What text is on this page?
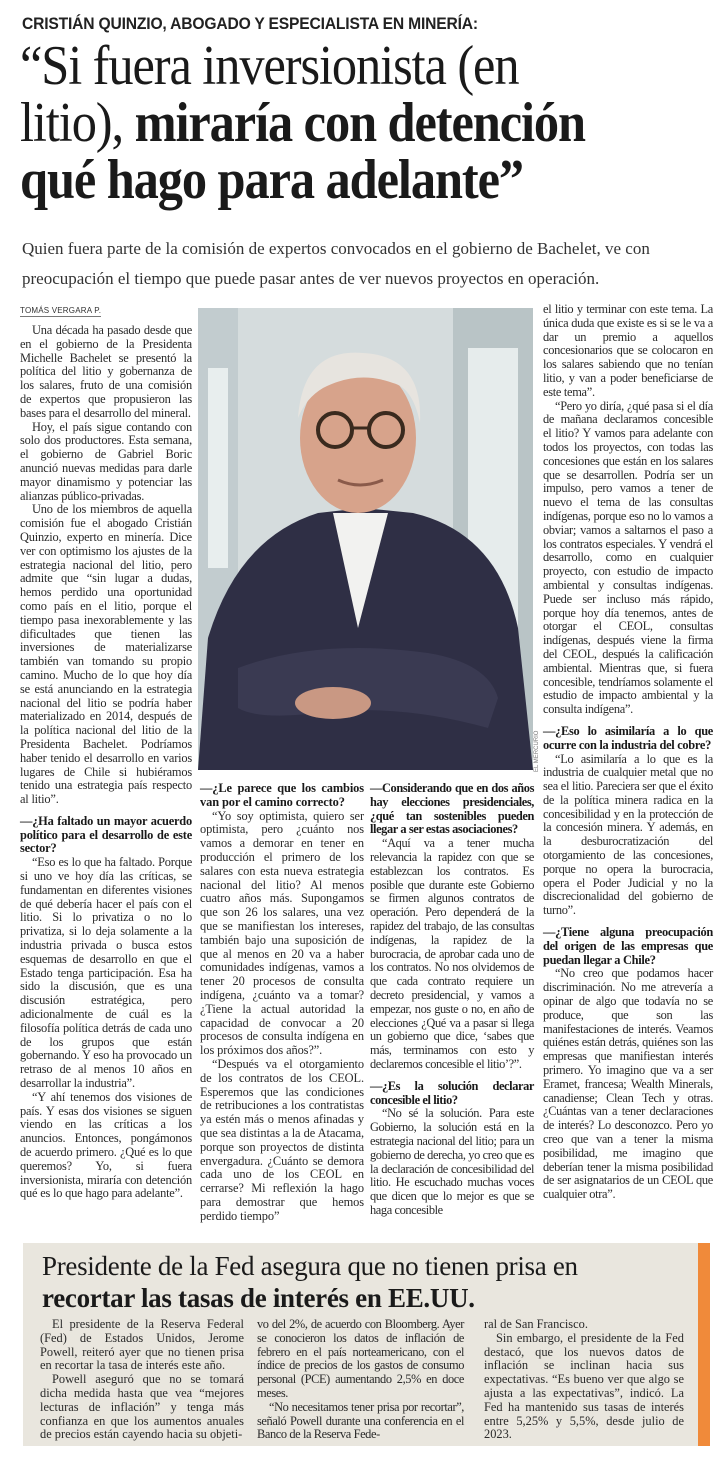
CRISTIÁN QUINZIO, ABOGADO Y ESPECIALISTA EN MINERÍA:
“Si fuera inversionista (en
litio), miraría con detención
qué hago para adelante”
Quien fuera parte de la comisión de expertos convocados en el gobierno de Bachelet, ve con preocupación el tiempo que puede pasar antes de ver nuevos proyectos en operación.
TOMÁS VERGARA P.

Una década ha pasado desde que en el gobierno de la Presidenta Michelle Bachelet se presentó la política del litio y gobernanza de los salares, fruto de una comisión de expertos que propusieron las bases para el desarrollo del mineral.

Hoy, el país sigue contando con solo dos productores. Esta semana, el gobierno de Gabriel Boric anunció nuevas medidas para darle mayor dinamismo y potenciar las alianzas público-privadas.

Uno de los miembros de aquella comisión fue el abogado Cristián Quinzio, experto en minería. Dice ver con optimismo los ajustes de la estrategia nacional del litio, pero admite que “sin lugar a dudas, hemos perdido una oportunidad como país en el litio, porque el tiempo pasa inexorablemente y las dificultades que tienen las inversiones de materializarse también van tomando su propio camino. Mucho de lo que hoy día se está anunciando en la estrategia nacional del litio se podría haber materializado en 2014, después de la política nacional del litio de la Presidenta Bachelet. Podríamos haber tenido el desarrollo en varios lugares de Chile si hubiéramos tenido una estrategia país respecto al litio”.

—¿Ha faltado un mayor acuerdo político para el desarrollo de este sector?

“Eso es lo que ha faltado. Porque si uno ve hoy día las críticas, se fundamentan en diferentes visiones de qué debería hacer el país con el litio. Si lo privatiza o no lo privatiza, si lo deja solamente a la industria privada o busca estos esquemas de desarrollo en que el Estado tenga participación. Esa ha sido la discusión, que es una discusión estratégica, pero adicionalmente de cuál es la filosofía política detrás de cada uno de los grupos que están gobernando. Y eso ha provocado un retraso de al menos 10 años en desarrollar la industria”.

“Y ahí tenemos dos visiones de país. Y esas dos visiones se siguen viendo en las críticas a los anuncios. Entonces, pongámonos de acuerdo primero. ¿Qué es lo que queremos? Yo, si fuera inversionista, miraría con detención qué es lo que hago para adelante”.

EL MERCURIO

—¿Le parece que los cambios van por el camino correcto?

“Yo soy optimista, quiero ser optimista, pero ¿cuánto nos vamos a demorar en tener en producción el primero de los salares con esta nueva estrategia nacional del litio? Al menos cuatro años más. Supongamos que son 26 los salares, una vez que se manifiestan los intereses, también bajo una suposición de que al menos en 20 va a haber comunidades indígenas, vamos a tener 20 procesos de consulta indígena, ¿cuánto va a tomar? ¿Tiene la actual autoridad la capacidad de convocar a 20 procesos de consulta indígena en los próximos dos años?”.

“Después va el otorgamiento de los contratos de los CEOL. Esperemos que las condiciones de retribuciones a los contratistas ya estén más o menos afinadas y que sea distintas a la de Atacama, porque son proyectos de distinta envergadura. ¿Cuánto se demora cada uno de los CEOL en cerrarse? Mi reflexión la hago para demostrar que hemos perdido tiempo”

—Considerando que en dos años hay elecciones presidenciales, ¿qué tan sostenibles pueden llegar a ser estas asociaciones?

“Aquí va a tener mucha relevancia la rapidez con que se establezcan los contratos. Es posible que durante este Gobierno se firmen algunos contratos de operación. Pero dependerá de la rapidez del trabajo, de las consultas indígenas, la rapidez de la burocracia, de aprobar cada uno de los contratos. No nos olvidemos de que cada contrato requiere un decreto presidencial, y vamos a empezar, nos guste o no, en año de elecciones ¿Qué va a pasar si llega un gobierno que dice, ‘sabes que más, terminamos con esto y declaremos concesible el litio’?”.

—¿Es la solución declarar concesible el litio?

“No sé la solución. Para este Gobierno, la solución está en la estrategia nacional del litio; para un gobierno de derecha, yo creo que es la declaración de concesibilidad del litio. He escuchado muchas voces que dicen que lo mejor es que se haga concesible

el litio y terminar con este tema. La única duda que existe es si se le va a dar un premio a aquellos concesionarios que se colocaron en los salares sabiendo que no tenían litio, y van a poder beneficiarse de este tema”.

“Pero yo diría, ¿qué pasa si el día de mañana declaramos concesible el litio? Y vamos para adelante con todos los proyectos, con todas las concesiones que están en los salares que se desarrollen. Podría ser un impulso, pero vamos a tener de nuevo el tema de las consultas indígenas, porque eso no lo vamos a obviar; vamos a saltarnos el paso a los contratos especiales. Y vendrá el desarrollo, como en cualquier proyecto, con estudio de impacto ambiental y consultas indígenas. Puede ser incluso más rápido, porque hoy día tenemos, antes de otorgar el CEOL, consultas indígenas, después viene la firma del CEOL, después la calificación ambiental. Mientras que, si fuera concesible, tendríamos solamente el estudio de impacto ambiental y la consulta indígena”.

—¿Eso lo asimilaría a lo que ocurre con la industria del cobre?

“Lo asimilaría a lo que es la industria de cualquier metal que no sea el litio. Pareciera ser que el éxito de la política minera radica en la concesibilidad y en la protección de la concesión minera. Y además, en la desburocratización del otorgamiento de las concesiones, porque no opera la burocracia, opera el Poder Judicial y no la discrecionalidad del gobierno de turno”.

—¿Tiene alguna preocupación del origen de las empresas que puedan llegar a Chile?

“No creo que podamos hacer discriminación. No me atrevería a opinar de algo que todavía no se produce, que son las manifestaciones de interés. Veamos quiénes están detrás, quiénes son las empresas que manifiestan interés primero. Yo imagino que va a ser Eramet, francesa; Wealth Minerals, canadiense; Clean Tech y otras.¿Cuántas van a tener declaraciones de interés? Lo desconozco. Pero yo creo que van a tener la misma posibilidad, me imagino que deberían tener la misma posibilidad de ser asignatarios de un CEOL que cualquier otra”.

Presidente de la Fed asegura que no tienen prisa en
recortar las tasas de interés en EE.UU.

El presidente de la Reserva Federal (Fed) de Estados Unidos, Jerome Powell, reiteró ayer que no tienen prisa en recortar la tasa de interés este año.

Powell aseguró que no se tomará dicha medida hasta que vea “mejores lecturas de inflación” y tenga más confianza en que los aumentos anuales de precios están cayendo hacia su objeti-

vo del 2%, de acuerdo con Bloomberg. Ayer se conocieron los datos de inflación de febrero en el país norteamericano, con el índice de precios de los gastos de consumo personal (PCE) aumentando 2,5% en doce meses.

“No necesitamos tener prisa por recortar”, señaló Powell durante una conferencia en el Banco de la Reserva Fede-

ral de San Francisco.

Sin embargo, el presidente de la Fed destacó, que los nuevos datos de inflación se inclinan hacia sus expectativas. “Es bueno ver que algo se ajusta a las expectativas”, indicó. La Fed ha mantenido sus tasas de interés entre 5,25% y 5,5%, desde julio de 2023.
